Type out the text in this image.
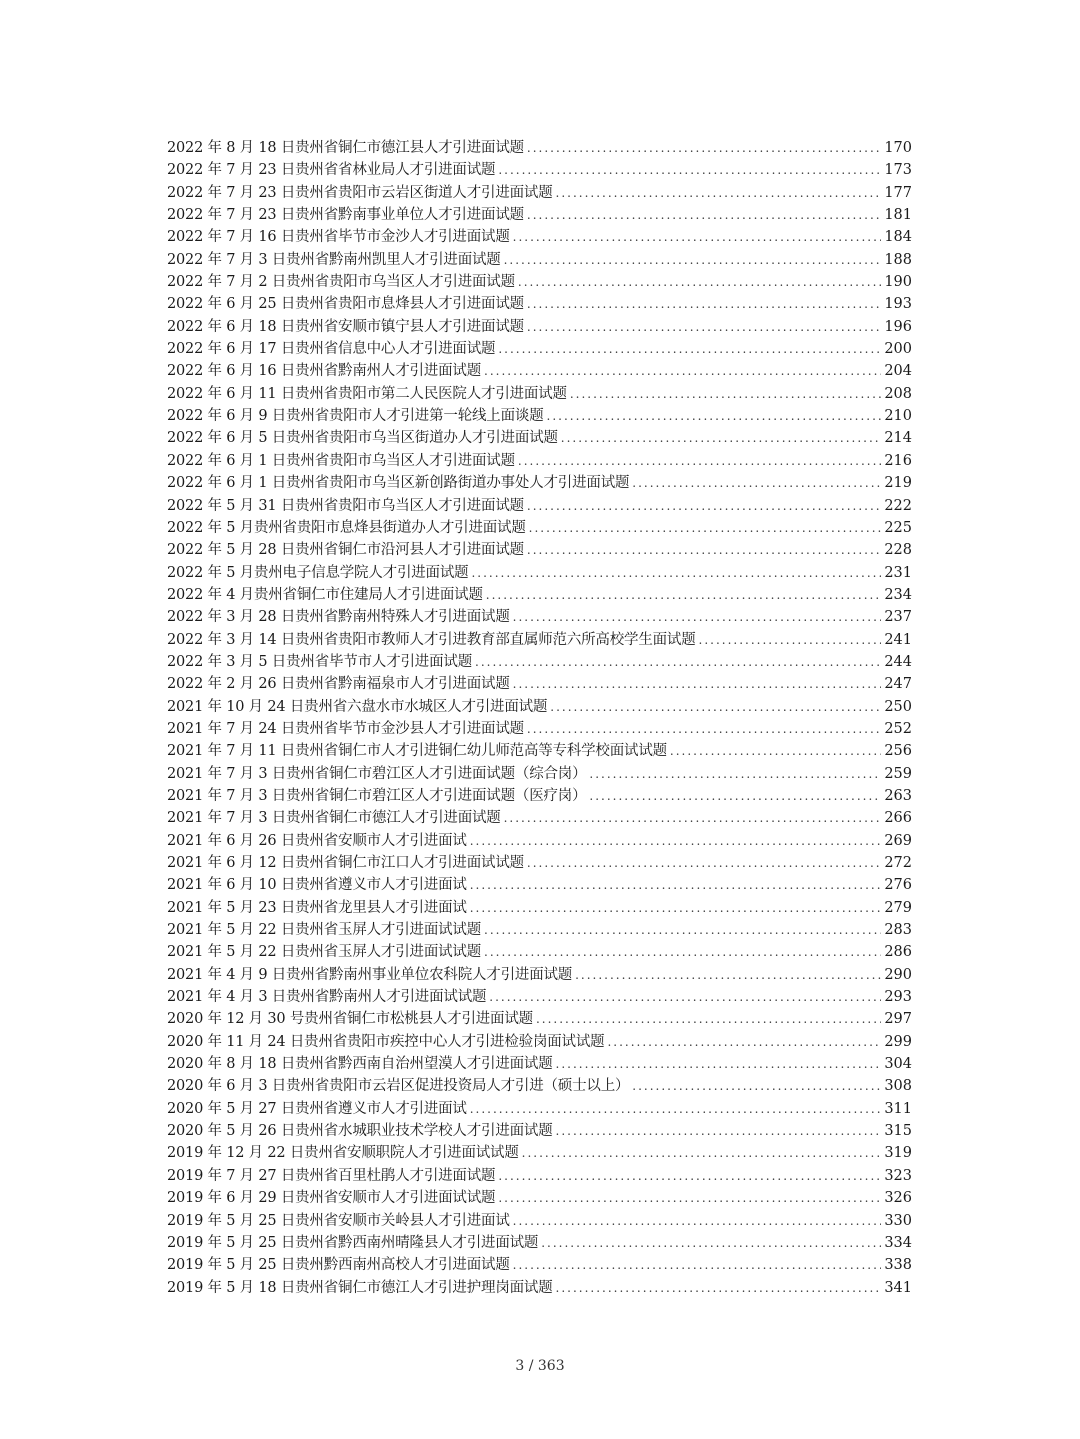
2022 年 8 月 18 日贵州省铜仁市德江县人才引进面试题 .....	170
2022 年 7 月 23 日贵州省省林业局人才引进面试题 .....	173
2022 年 7 月 23 日贵州省贵阳市云岩区街道人才引进面试题 .....	177
2022 年 7 月 23 日贵州省黔南事业单位人才引进面试题 .....	181
2022 年 7 月 16 日贵州省毕节市金沙人才引进面试题 .....	184
2022 年 7 月 3 日贵州省黔南州凯里人才引进面试题 .....	188
2022 年 7 月 2 日贵州省贵阳市乌当区人才引进面试题 .....	190
2022 年 6 月 25 日贵州省贵阳市息烽县人才引进面试题 .....	193
2022 年 6 月 18 日贵州省安顺市镇宁县人才引进面试题 .....	196
2022 年 6 月 17 日贵州省信息中心人才引进面试题 .....	200
2022 年 6 月 16 日贵州省黔南州人才引进面试题 .....	204
2022 年 6 月 11 日贵州省贵阳市第二人民医院人才引进面试题 .....	208
2022 年 6 月 9 日贵州省贵阳市人才引进第一轮线上面谈题 .....	210
2022 年 6 月 5 日贵州省贵阳市乌当区街道办人才引进面试题 .....	214
2022 年 6 月 1 日贵州省贵阳市乌当区人才引进面试题 .....	216
2022 年 6 月 1 日贵州省贵阳市乌当区新创路街道办事处人才引进面试题 .....	219
2022 年 5 月 31 日贵州省贵阳市乌当区人才引进面试题 .....	222
2022 年 5 月贵州省贵阳市息烽县街道办人才引进面试题 .....	225
2022 年 5 月 28 日贵州省铜仁市沿河县人才引进面试题 .....	228
2022 年 5 月贵州电子信息学院人才引进面试题 .....	231
2022 年 4 月贵州省铜仁市住建局人才引进面试题 .....	234
2022 年 3 月 28 日贵州省黔南州特殊人才引进面试题 .....	237
2022 年 3 月 14 日贵州省贵阳市教师人才引进教育部直属师范六所高校学生面试题 .....	241
2022 年 3 月 5 日贵州省毕节市人才引进面试题 .....	244
2022 年 2 月 26 日贵州省黔南福泉市人才引进面试题 .....	247
2021 年 10 月 24 日贵州省六盘水市水城区人才引进面试题 .....	250
2021 年 7 月 24 日贵州省毕节市金沙县人才引进面试题 .....	252
2021 年 7 月 11 日贵州省铜仁市人才引进铜仁幼儿师范高等专科学校面试试题 .....	256
2021 年 7 月 3 日贵州省铜仁市碧江区人才引进面试题（综合岗） .....	259
2021 年 7 月 3 日贵州省铜仁市碧江区人才引进面试题（医疗岗） .....	263
2021 年 7 月 3 日贵州省铜仁市德江人才引进面试题 .....	266
2021 年 6 月 26 日贵州省安顺市人才引进面试 .....	269
2021 年 6 月 12 日贵州省铜仁市江口人才引进面试试题 .....	272
2021 年 6 月 10 日贵州省遵义市人才引进面试 .....	276
2021 年 5 月 23 日贵州省龙里县人才引进面试 .....	279
2021 年 5 月 22 日贵州省玉屏人才引进面试试题 .....	283
2021 年 5 月 22 日贵州省玉屏人才引进面试试题 .....	286
2021 年 4 月 9 日贵州省黔南州事业单位农科院人才引进面试题 .....	290
2021 年 4 月 3 日贵州省黔南州人才引进面试试题 .....	293
2020 年 12 月 30 号贵州省铜仁市松桃县人才引进面试题 .....	297
2020 年 11 月 24 日贵州省贵阳市疾控中心人才引进检验岗面试试题 .....	299
2020 年 8 月 18 日贵州省黔西南自治州望漠人才引进面试题 .....	304
2020 年 6 月 3 日贵州省贵阳市云岩区促进投资局人才引进（硕士以上） .....	308
2020 年 5 月 27 日贵州省遵义市人才引进面试 .....	311
2020 年 5 月 26 日贵州省水城职业技术学校人才引进面试题 .....	315
2019 年 12 月 22 日贵州省安顺职院人才引进面试试题 .....	319
2019 年 7 月 27 日贵州省百里杜鹃人才引进面试题 .....	323
2019 年 6 月 29 日贵州省安顺市人才引进面试试题 .....	326
2019 年 5 月 25 日贵州省安顺市关岭县人才引进面试 .....	330
2019 年 5 月 25 日贵州省黔西南州晴隆县人才引进面试题 .....	334
2019 年 5 月 25 日贵州黔西南州高校人才引进面试题 .....	338
2019 年 5 月 18 日贵州省铜仁市德江人才引进护理岗面试题 .....	341
3 / 363
